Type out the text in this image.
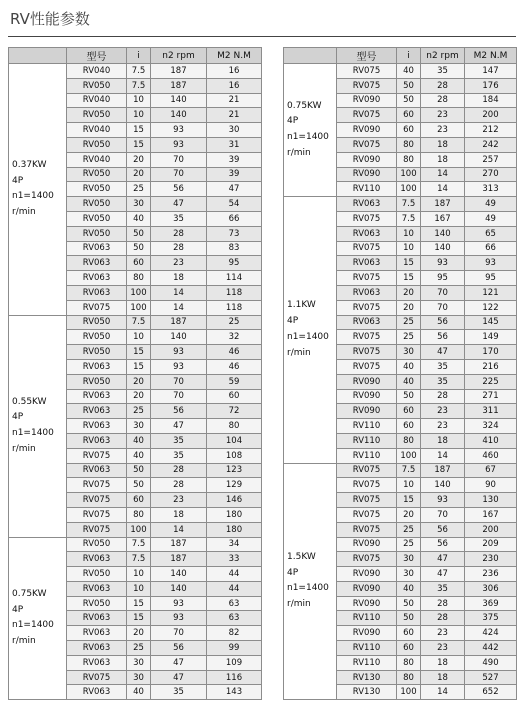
RV性能参数
	型号	i	n2 rpm	M2 N.M

0.37KW
4P
n1=1400
r/min	RV040	7.5	187	16
	RV050	7.5	187	16
	RV040	10	140	21
	RV050	10	140	21
	RV040	15	93	30
	RV050	15	93	31
	RV040	20	70	39
	RV050	20	70	39
	RV050	25	56	47
	RV050	30	47	54
	RV050	40	35	66
	RV050	50	28	73
	RV063	50	28	83
	RV063	60	23	95
	RV063	80	18	114
	RV063	100	14	118
	RV075	100	14	118

0.55KW
4P
n1=1400
r/min	RV050	7.5	187	25
	RV050	10	140	32
	RV050	15	93	46
	RV063	15	93	46
	RV050	20	70	59
	RV063	20	70	60
	RV063	25	56	72
	RV063	30	47	80
	RV063	40	35	104
	RV075	40	35	108
	RV063	50	28	123
	RV075	50	28	129
	RV075	60	23	146
	RV075	80	18	180
	RV075	100	14	180

0.75KW
4P
n1=1400
r/min	RV050	7.5	187	34
	RV063	7.5	187	33
	RV050	10	140	44
	RV063	10	140	44
	RV050	15	93	63
	RV063	15	93	63
	RV063	20	70	82
	RV063	25	56	99
	RV063	30	47	109
	RV075	30	47	116
	RV063	40	35	143
	型号	i	n2 rpm	M2 N.M

0.75KW
4P
n1=1400
r/min	RV075	40	35	147
	RV075	50	28	176
	RV090	50	28	184
	RV075	60	23	200
	RV090	60	23	212
	RV075	80	18	242
	RV090	80	18	257
	RV090	100	14	270
	RV110	100	14	313

1.1KW
4P
n1=1400
r/min	RV063	7.5	187	49
	RV075	7.5	167	49
	RV063	10	140	65
	RV075	10	140	66
	RV063	15	93	93
	RV075	15	95	95
	RV063	20	70	121
	RV075	20	70	122
	RV063	25	56	145
	RV075	25	56	149
	RV075	30	47	170
	RV075	40	35	216
	RV090	40	35	225
	RV090	50	28	271
	RV090	60	23	311
	RV110	60	23	324
	RV110	80	18	410
	RV110	100	14	460

1.5KW
4P
n1=1400
r/min	RV075	7.5	187	67
	RV075	10	140	90
	RV075	15	93	130
	RV075	20	70	167
	RV075	25	56	200
	RV090	25	56	209
	RV075	30	47	230
	RV090	30	47	236
	RV090	40	35	306
	RV090	50	28	369
	RV110	50	28	375
	RV090	60	23	424
	RV110	60	23	442
	RV110	80	18	490
	RV130	80	18	527
	RV130	100	14	652
